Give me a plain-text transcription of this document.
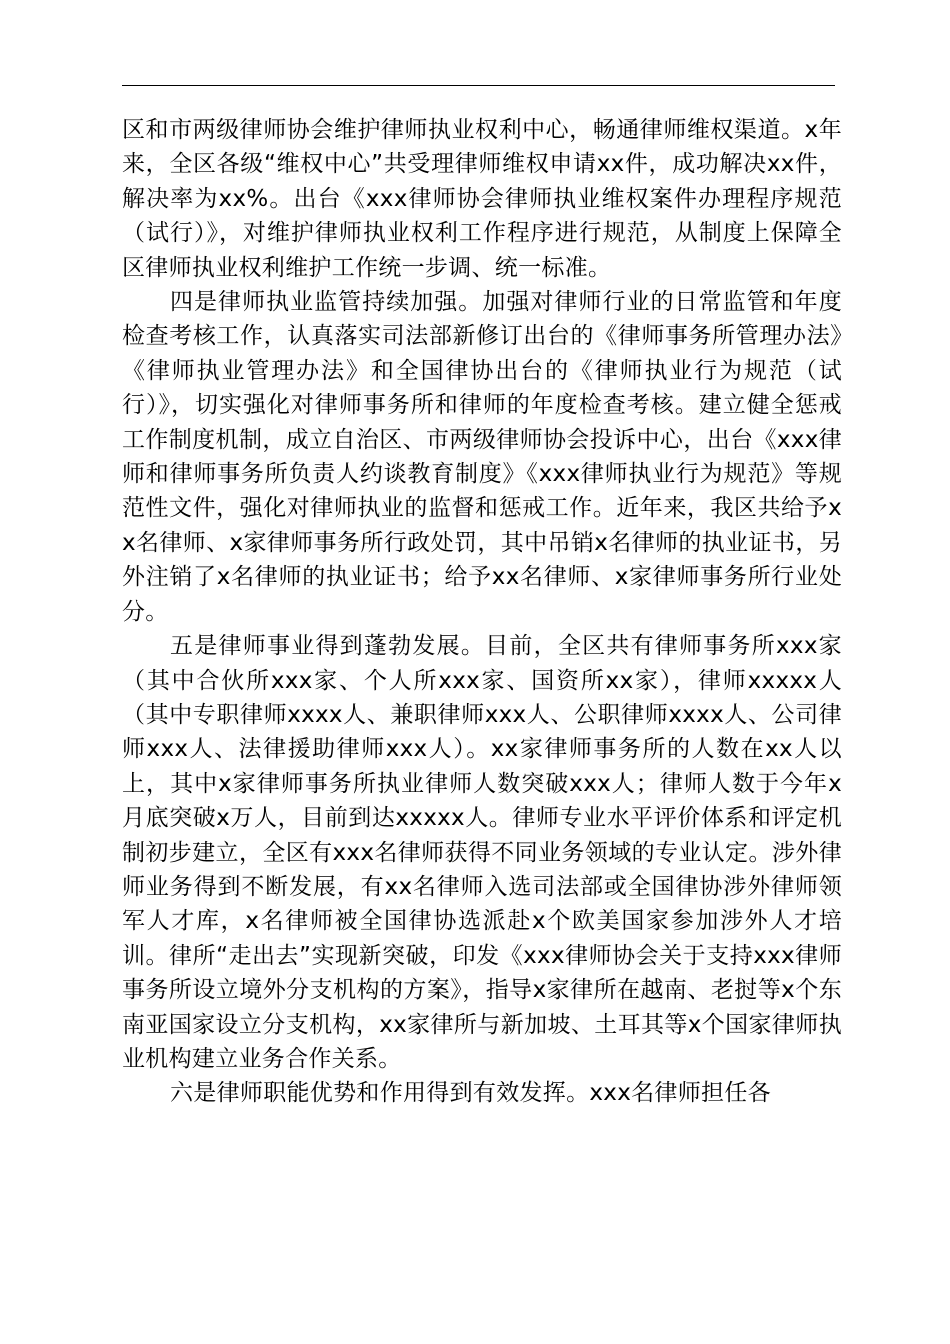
区和市两级律师协会维护律师执业权利中心，畅通律师维权渠道。x年来，全区各级“维权中心”共受理律师维权申请xx件，成功解决xx件，解决率为xx%。出台《xxx律师协会律师执业维权案件办理程序规范（试行）》，对维护律师执业权利工作程序进行规范，从制度上保障全区律师执业权利维护工作统一步调、统一标准。

四是律师执业监管持续加强。加强对律师行业的日常监管和年度检查考核工作，认真落实司法部新修订出台的《律师事务所管理办法》《律师执业管理办法》和全国律协出台的《律师执业行为规范（试行）》，切实强化对律师事务所和律师的年度检查考核。建立健全惩戒工作制度机制，成立自治区、市两级律师协会投诉中心，出台《xxx律师和律师事务所负责人约谈教育制度》《xxx律师执业行为规范》等规范性文件，强化对律师执业的监督和惩戒工作。近年来，我区共给予xx名律师、x家律师事务所行政处罚，其中吊销x名律师的执业证书，另外注销了x名律师的执业证书；给予xx名律师、x家律师事务所行业处分。

五是律师事业得到蓬勃发展。目前，全区共有律师事务所xxx家（其中合伙所xxx家、个人所xxx家、国资所xx家），律师xxxxx人（其中专职律师xxxx人、兼职律师xxx人、公职律师xxxx人、公司律师xxx人、法律援助律师xxx人）。xx家律师事务所的人数在xx人以上，其中x家律师事务所执业律师人数突破xxx人；律师人数于今年x月底突破x万人，目前到达xxxxx人。律师专业水平评价体系和评定机制初步建立，全区有xxx名律师获得不同业务领域的专业认定。涉外律师业务得到不断发展，有xx名律师入选司法部或全国律协涉外律师领军人才库，x名律师被全国律协选派赴x个欧美国家参加涉外人才培训。律所“走出去”实现新突破，印发《xxx律师协会关于支持xxx律师事务所设立境外分支机构的方案》，指导x家律所在越南、老挝等x个东南亚国家设立分支机构，xx家律所与新加坡、土耳其等x个国家律师执业机构建立业务合作关系。

六是律师职能优势和作用得到有效发挥。xxx名律师担任各
